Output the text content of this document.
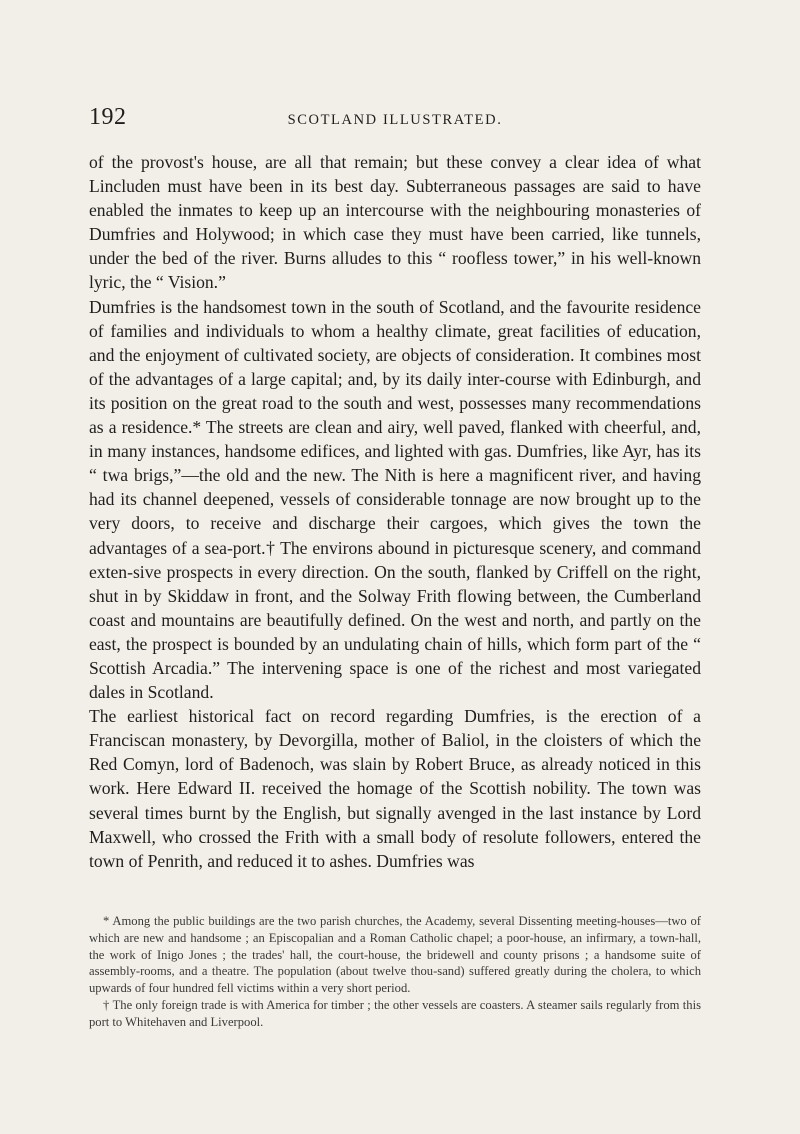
192	SCOTLAND ILLUSTRATED.

of the provost's house, are all that remain; but these convey a clear idea of what Lincluden must have been in its best day. Subterraneous passages are said to have enabled the inmates to keep up an intercourse with the neighbouring monasteries of Dumfries and Holywood; in which case they must have been carried, like tunnels, under the bed of the river. Burns alludes to this “ roofless tower,” in his well-known lyric, the “ Vision.”

Dumfries is the handsomest town in the south of Scotland, and the favourite residence of families and individuals to whom a healthy climate, great facilities of education, and the enjoyment of cultivated society, are objects of consideration. It combines most of the advantages of a large capital; and, by its daily inter-course with Edinburgh, and its position on the great road to the south and west, possesses many recommendations as a residence.* The streets are clean and airy, well paved, flanked with cheerful, and, in many instances, handsome edifices, and lighted with gas. Dumfries, like Ayr, has its “ twa brigs,”—the old and the new. The Nith is here a magnificent river, and having had its channel deepened, vessels of considerable tonnage are now brought up to the very doors, to receive and discharge their cargoes, which gives the town the advantages of a sea-port.† The environs abound in picturesque scenery, and command exten-sive prospects in every direction. On the south, flanked by Criffell on the right, shut in by Skiddaw in front, and the Solway Frith flowing between, the Cumberland coast and mountains are beautifully defined. On the west and north, and partly on the east, the prospect is bounded by an undulating chain of hills, which form part of the “ Scottish Arcadia.” The intervening space is one of the richest and most variegated dales in Scotland.

The earliest historical fact on record regarding Dumfries, is the erection of a Franciscan monastery, by Devorgilla, mother of Baliol, in the cloisters of which the Red Comyn, lord of Badenoch, was slain by Robert Bruce, as already noticed in this work. Here Edward II. received the homage of the Scottish nobility. The town was several times burnt by the English, but signally avenged in the last instance by Lord Maxwell, who crossed the Frith with a small body of resolute followers, entered the town of Penrith, and reduced it to ashes. Dumfries was

* Among the public buildings are the two parish churches, the Academy, several Dissenting meeting-houses—two of which are new and handsome ; an Episcopalian and a Roman Catholic chapel; a poor-house, an infirmary, a town-hall, the work of Inigo Jones ; the trades' hall, the court-house, the bridewell and county prisons ; a handsome suite of assembly-rooms, and a theatre. The population (about twelve thou-sand) suffered greatly during the cholera, to which upwards of four hundred fell victims within a very short period.

† The only foreign trade is with America for timber ; the other vessels are coasters. A steamer sails regularly from this port to Whitehaven and Liverpool.
